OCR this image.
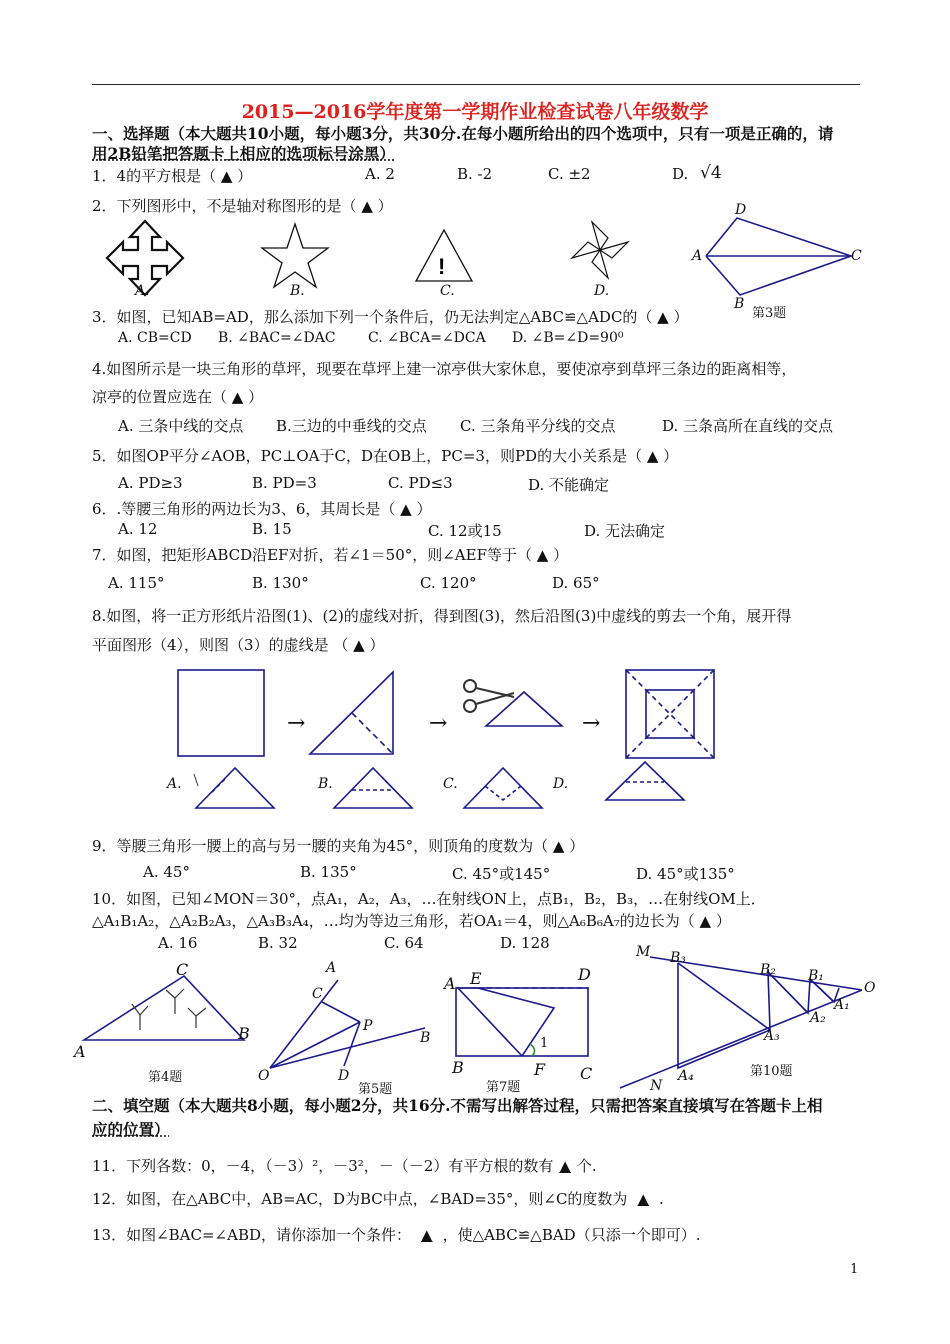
2015—2016学年度第一学期作业检查试卷八年级数学
一、选择题（本大题共10小题，每小题3分，共30分.在每小题所给出的四个选项中，只有一项是正确的，请
用2B铅笔把答题卡上相应的选项标号涂黑）
1．4的平方根是（ ▲ ）	A. 2	B. -2	C. ±2	D. √4
2．下列图形中，不是轴对称图形的是（ ▲ ）
!
A.	B.	C.	D.
D
A	C
B
第3题
3．如图，已知AB=AD，那么添加下列一个条件后，仍无法判定△ABC≌△ADC的（ ▲ ）
A. CB=CD B. ∠BAC=∠DAC C. ∠BCA=∠DCA D. ∠B=∠D=90⁰
4.如图所示是一块三角形的草坪，现要在草坪上建一凉亭供大家休息，要使凉亭到草坪三条边的距离相等，
凉亭的位置应选在（ ▲ ）
A. 三条中线的交点 B.三边的中垂线的交点 C. 三条角平分线的交点	D. 三条高所在直线的交点
5．如图OP平分∠AOB，PC⊥OA于C，D在OB上，PC=3，则PD的大小关系是（ ▲ ）
A. PD≥3	B. PD=3	C. PD≤3	D. 不能确定
6．.等腰三角形的两边长为3、6，其周长是（ ▲ ）
A. 12	B. 15	C. 12或15	D. 无法确定
7．如图，把矩形ABCD沿EF对折，若∠1＝50°，则∠AEF等于（ ▲ ）
A. 115°	B. 130°	C. 120°	D. 65°
8.如图，将一正方形纸片沿图(1)、(2)的虚线对折，得到图(3)，然后沿图(3)中虚线的剪去一个角，展开得
平面图形（4），则图（3）的虚线是 （ ▲ ）
→	→	→
A.	B.	C.	D.
9．等腰三角形一腰上的高与另一腰的夹角为45°，则顶角的度数为（ ▲ ）
A. 45°	B. 135°	C. 45°或145°	D. 45°或135°
10．如图，已知∠MON＝30°，点A₁，A₂，A₃，…在射线ON上，点B₁，B₂，B₃，…在射线OM上．
△A₁B₁A₂，△A₂B₂A₃，△A₃B₃A₄，…均为等边三角形，若OA₁＝4，则△A₆B₆A₇的边长为（ ▲ ）
A. 16	B. 32	C. 64	D. 128
C
A
B
第4题
A
C
P
O	D
B
第5题
A E	D
B	F C
1
第7题
M B₃
B₂ B₁
O
A₁
A₂
A₃
A₄
N
第10题
二、填空题（本大题共8小题，每小题2分，共16分.不需写出解答过程，只需把答案直接填写在答题卡上相
应的位置）
11．下列各数：0，－4，（－3）²，－3²，－（－2）有平方根的数有 ▲ 个.
12．如图，在△ABC中，AB=AC，D为BC中点，∠BAD=35°，则∠C的度数为 ▲ .
13．如图∠BAC=∠ABD，请你添加一个条件： ▲ ，使△ABC≌△BAD（只添一个即可）.
1
